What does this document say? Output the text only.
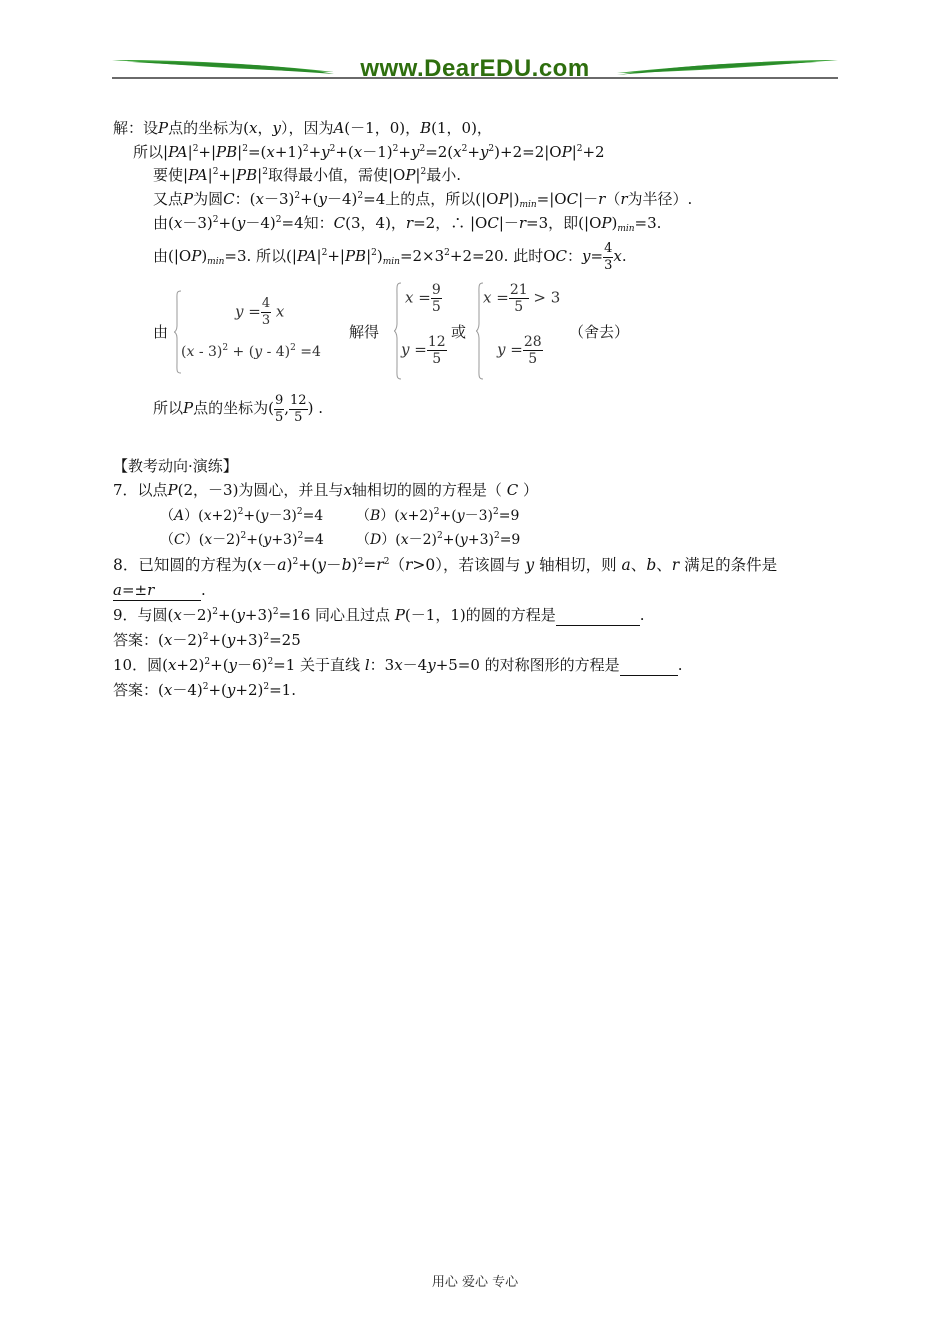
www.DearEDU.com
解：设P点的坐标为(x，y），因为A(－1，0)，B(1，0)，
所以$|PA|^2+|PB|^2=(x+1)^2+y^2+(x-1)^2+y^2=2(x^2+y^2)+2=2|OP|^2+2$
要使$|PA|^2+|PB|^2$取得最小值，需使$|OP|^2$最小.
又点P为圆C：$(x-3)^2+(y-4)^2=4$上的点，所以$(|OP|)_{min}=|OC|-r(r$为半径）.
由$(x-3)^2+(y-4)^2=4$知：C(3，4)，r=2，∴ |OC|－r=3，即$(|OP)_{min}=3$.
由$(|OP)_{min}=3$. 所以$(|PA|^2+|PB|^2)_{min}=2\times 3^2+2=20$. 此时OC：$y= \frac{4}{3} x$.
由
$y = \frac{4}{3}$ x
(x - 3)$^2$ + (y - 4)$^2$ =4
解得
$x = \frac{9}{5}$
$y = \frac{12}{5}$
或
$x = \frac{21}{5} > 3$
$y = \frac{28}{5}$
（舍去）
所以P点的坐标为( $\frac{9}{5}$ , $\frac{12}{5}$ ) .
【教考动向·演练】
7．以点P(2，－3)为圆心，并且与x轴相切的圆的方程是（ C ）
$(A)(x+2)^2+(y-3)^2=4$ $(B)(x+2)^2+(y-3)^2=9$
$(C)(x-2)^2+(y+3)^2=4$ $(D)(x-2)^2+(y+3)^2=9$
8．已知圆的方程为$(x-a)^2+(y-b)^2=r^2(r>0)$，若该圆与 y 轴相切，则 a、b、r 满足的条件是
a=±r	.
9．与圆$(x-2)^2+(y+3)^2=16$ 同心且过点 P(－1，1)的圆的方程是	.
答案：$(x-2)^2+(y+3)^2=25$
10．圆$(x+2)^2+(y-6)^2=1$ 关于直线 l：3x－4y+5=0 的对称图形的方程是	.
答案：$(x-4)^2+(y+2)^2=1$.
用心 爱心 专心
